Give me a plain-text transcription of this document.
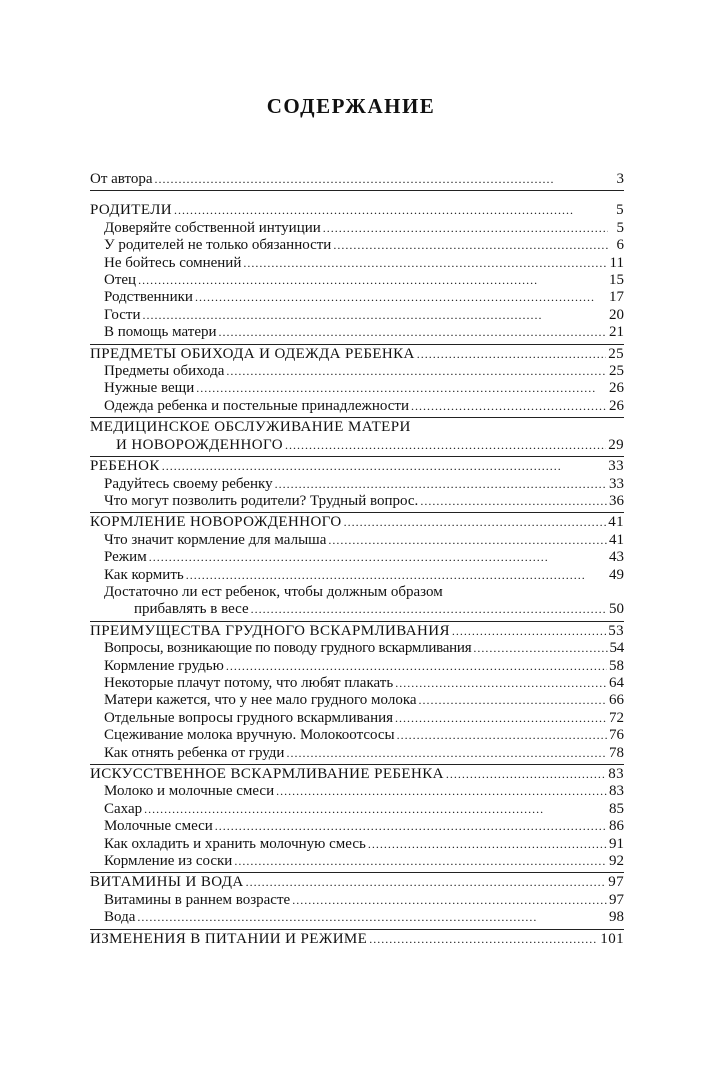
СОДЕРЖАНИЕ
От автора . . .	3
РОДИТЕЛИ . . .	5
Доверяйте собственной интуиции . . .	5
У родителей не только обязанности . . .	6
Не бойтесь сомнений . . .	11
Отец . . .	15
Родственники . . .	17
Гости . . .	20
В помощь матери . . .	21
ПРЕДМЕТЫ ОБИХОДА И ОДЕЖДА РЕБЕНКА . . .	25
Предметы обихода . . .	25
Нужные вещи . . .	26
Одежда ребенка и постельные принадлежности . . .	26
МЕДИЦИНСКОЕ ОБСЛУЖИВАНИЕ МАТЕРИ
И НОВОРОЖДЕННОГО . . .	29
РЕБЕНОК . . .	33
Радуйтесь своему ребенку . . .	33
Что могут позволить родители? Трудный вопрос. . . .	36
КОРМЛЕНИЕ НОВОРОЖДЕННОГО . . .	41
Что значит кормление для малыша . . .	41
Режим . . .	43
Как кормить . . .	49
Достаточно ли ест ребенок, чтобы должным образом
прибавлять в весе . . .	50
ПРЕИМУЩЕСТВА ГРУДНОГО ВСКАРМЛИВАНИЯ . . .	53
Вопросы, возникающие по поводу грудного вскармливания . . .	54
Кормление грудью . . .	58
Некоторые плачут потому, что любят плакать . . .	64
Матери кажется, что у нее мало грудного молока . . .	66
Отдельные вопросы грудного вскармливания . . .	72
Сцеживание молока вручную. Молокоотсосы . . .	76
Как отнять ребенка от груди . . .	78
ИСКУССТВЕННОЕ ВСКАРМЛИВАНИЕ РЕБЕНКА . . .	83
Молоко и молочные смеси . . .	83
Сахар . . .	85
Молочные смеси . . .	86
Как охладить и хранить молочную смесь . . .	91
Кормление из соски . . .	92
ВИТАМИНЫ И ВОДА . . .	97
Витамины в раннем возрасте . . .	97
Вода . . .	98
ИЗМЕНЕНИЯ В ПИТАНИИ И РЕЖИМЕ . . .	101
